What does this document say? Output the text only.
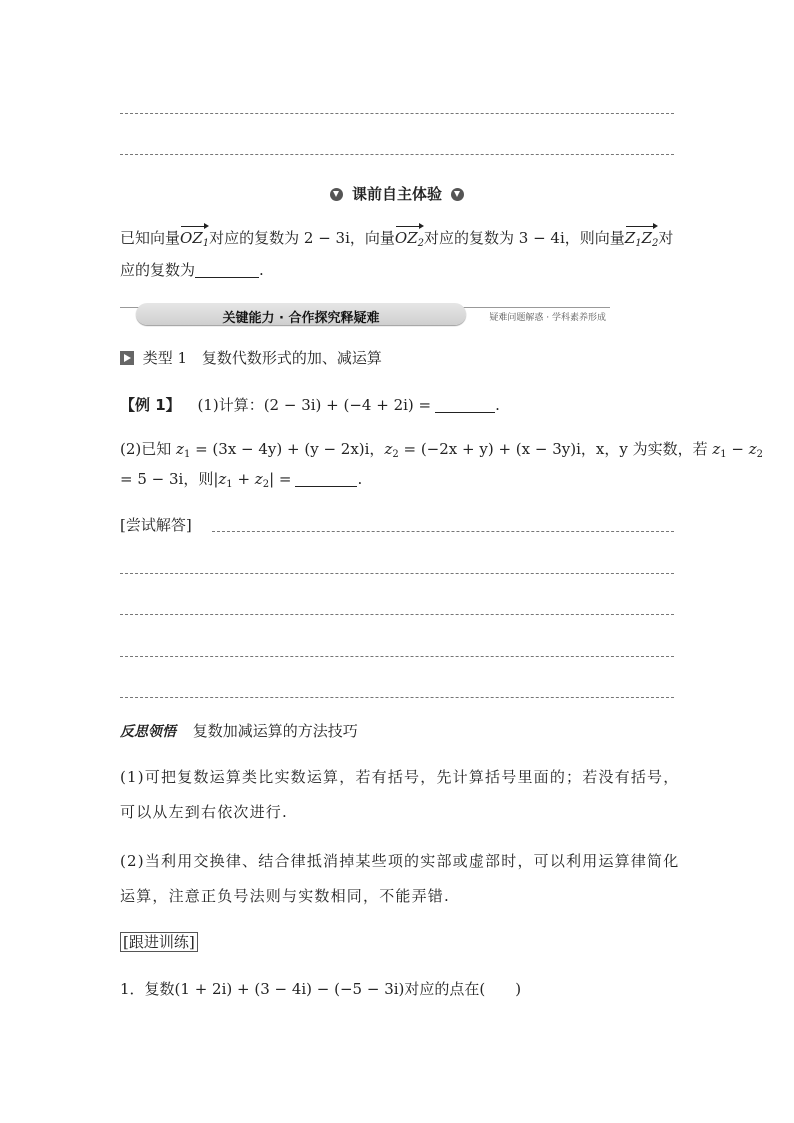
课前自主体验
已知向量$OZ_1$对应的复数为 2 − 3i，向量$OZ_2$对应的复数为 3 − 4i，则向量$Z_1Z_2$对
应的复数为	.
关键能力 · 合作探究释疑难	疑难问题解惑 · 学科素养形成
类型 1 复数代数形式的加、减运算
【例 1】 (1)计算：(2 − 3i) + (−4 + 2i) =	.
(2)已知 $z_1 = (3x - 4y) + (y - 2x)i$，$z_2 = (-2x + y) + (x - 3y)i$，x，y 为实数，若 $z_1 - z_2$
= 5 − 3i，则$|z_1 + z_2|$ =	.
[尝试解答]
反思领悟 复数加减运算的方法技巧
(1)可把复数运算类比实数运算，若有括号，先计算括号里面的；若没有括号，
可以从左到右依次进行.
(2)当利用交换律、结合律抵消掉某些项的实部或虚部时，可以利用运算律简化
运算，注意正负号法则与实数相同，不能弄错.
[跟进训练]
1．复数(1 + 2i) + (3 − 4i) − (−5 − 3i)对应的点在(　　)
